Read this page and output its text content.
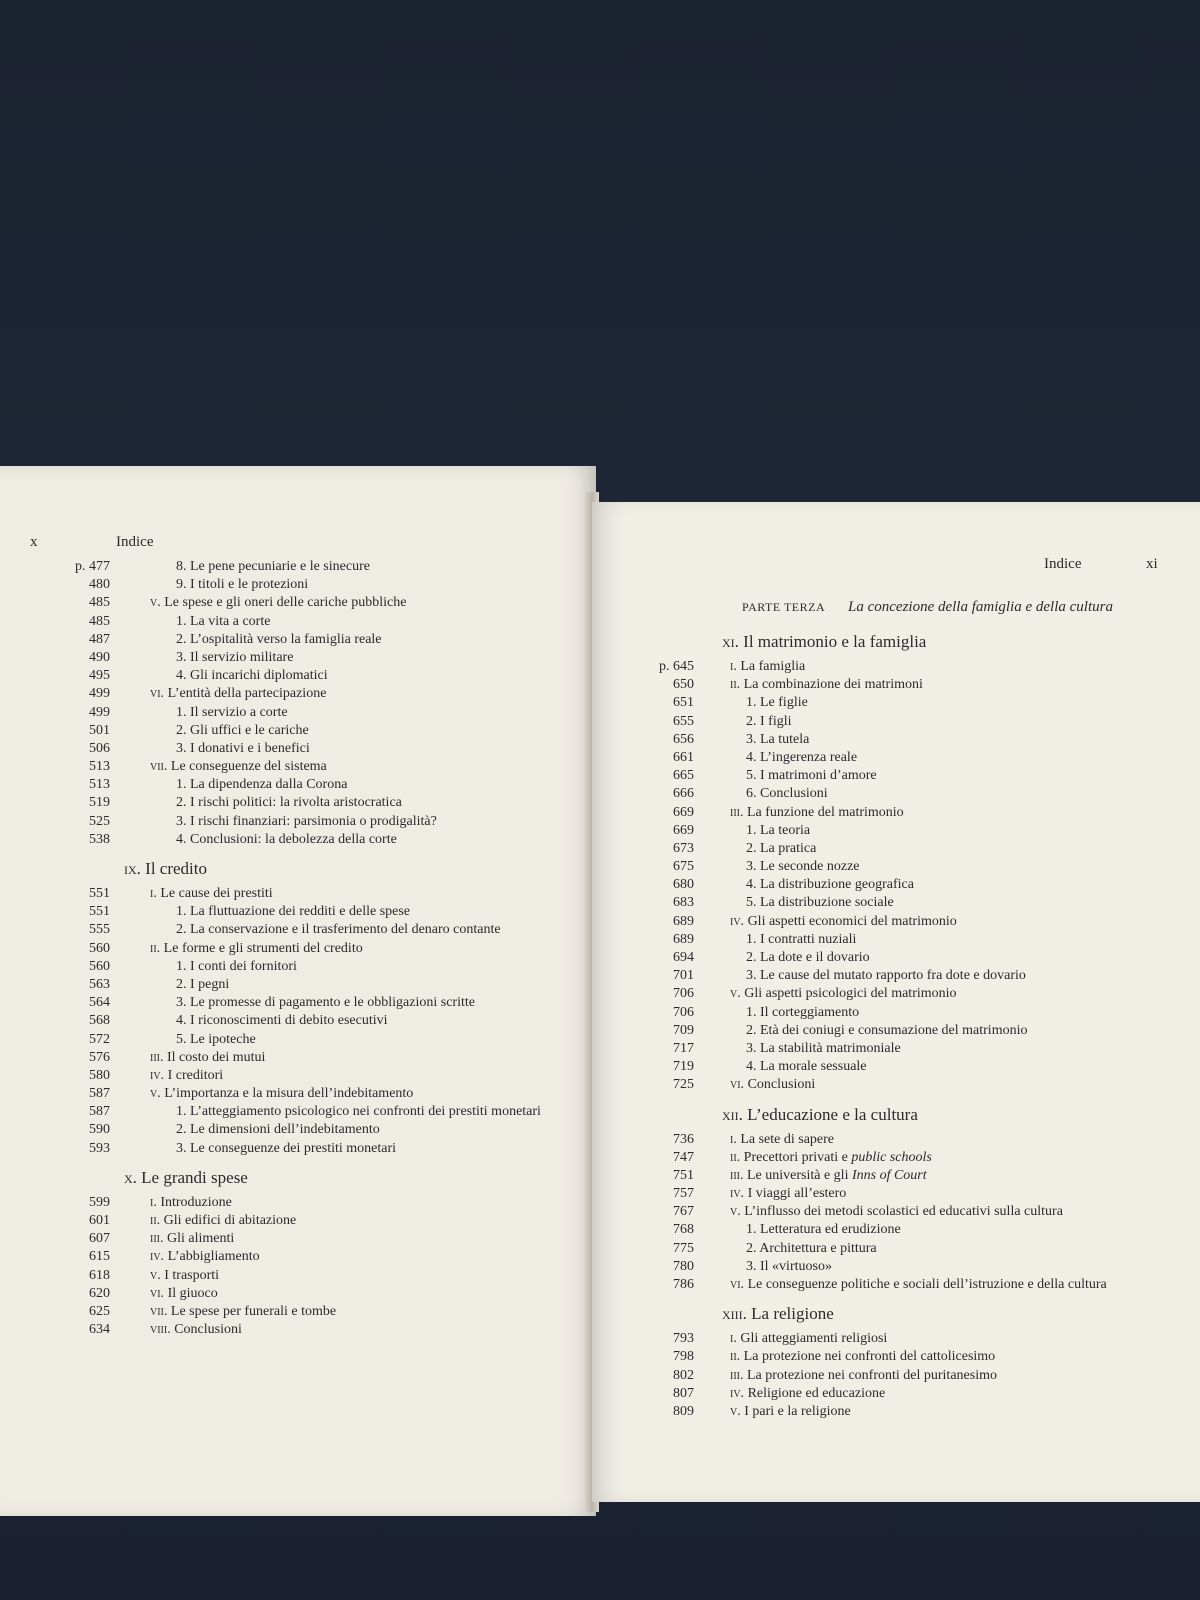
x	Indice
p. 477	8. Le pene pecuniarie e le sinecure
480	9. I titoli e le protezioni
485	v. Le spese e gli oneri delle cariche pubbliche
485	1. La vita a corte
487	2. L’ospitalità verso la famiglia reale
490	3. Il servizio militare
495	4. Gli incarichi diplomatici
499	vi. L’entità della partecipazione
499	1. Il servizio a corte
501	2. Gli uffici e le cariche
506	3. I donativi e i benefici
513	vii. Le conseguenze del sistema
513	1. La dipendenza dalla Corona
519	2. I rischi politici: la rivolta aristocratica
525	3. I rischi finanziari: parsimonia o prodigalità?
538	4. Conclusioni: la debolezza della corte
ix. Il credito
551	i. Le cause dei prestiti
551	1. La fluttuazione dei redditi e delle spese
555	2. La conservazione e il trasferimento del denaro contante
560	ii. Le forme e gli strumenti del credito
560	1. I conti dei fornitori
563	2. I pegni
564	3. Le promesse di pagamento e le obbligazioni scritte
568	4. I riconoscimenti di debito esecutivi
572	5. Le ipoteche
576	iii. Il costo dei mutui
580	iv. I creditori
587	v. L’importanza e la misura dell’indebitamento
587	1. L’atteggiamento psicologico nei confronti dei prestiti monetari
590	2. Le dimensioni dell’indebitamento
593	3. Le conseguenze dei prestiti monetari
x. Le grandi spese
599	i. Introduzione
601	ii. Gli edifici di abitazione
607	iii. Gli alimenti
615	iv. L’abbigliamento
618	v. I trasporti
620	vi. Il giuoco
625	vii. Le spese per funerali e tombe
634	viii. Conclusioni
Indice	xi
PARTE TERZA La concezione della famiglia e della cultura
xi. Il matrimonio e la famiglia
p. 645	i. La famiglia
650	ii. La combinazione dei matrimoni
651	1. Le figlie
655	2. I figli
656	3. La tutela
661	4. L’ingerenza reale
665	5. I matrimoni d’amore
666	6. Conclusioni
669	iii. La funzione del matrimonio
669	1. La teoria
673	2. La pratica
675	3. Le seconde nozze
680	4. La distribuzione geografica
683	5. La distribuzione sociale
689	iv. Gli aspetti economici del matrimonio
689	1. I contratti nuziali
694	2. La dote e il dovario
701	3. Le cause del mutato rapporto fra dote e dovario
706	v. Gli aspetti psicologici del matrimonio
706	1. Il corteggiamento
709	2. Età dei coniugi e consumazione del matrimonio
717	3. La stabilità matrimoniale
719	4. La morale sessuale
725	vi. Conclusioni
xii. L’educazione e la cultura
736	i. La sete di sapere
747	ii. Precettori privati e public schools
751	iii. Le università e gli Inns of Court
757	iv. I viaggi all’estero
767	v. L’influsso dei metodi scolastici ed educativi sulla cultura
768	1. Letteratura ed erudizione
775	2. Architettura e pittura
780	3. Il «virtuoso»
786	vi. Le conseguenze politiche e sociali dell’istruzione e della cultura
xiii. La religione
793	i. Gli atteggiamenti religiosi
798	ii. La protezione nei confronti del cattolicesimo
802	iii. La protezione nei confronti del puritanesimo
807	iv. Religione ed educazione
809	v. I pari e la religione
